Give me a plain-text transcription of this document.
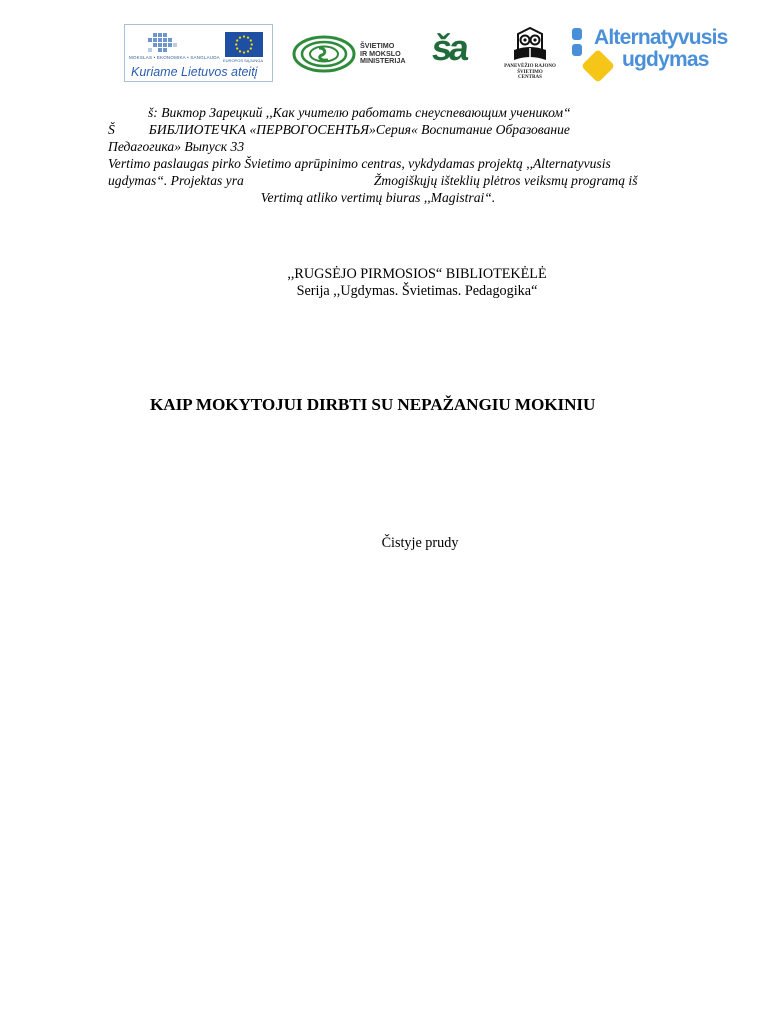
MOKSLAS • EKONOMIKA • SANGLAUDA
EUROPOS SĄJUNGA
Kuriame Lietuvos ateitį
ŠVIETIMO
IR MOKSLO
MINISTERIJA ša	PANEVĖŽIO RAJONO
ŠVIETIMO
CENTRAS
Alternatyvusis
ugdymas
š: Виктор Зарецкий ,,Как учителю работать снеуспевающим учеником“
Š	БИБЛИОТЕЧКА «ПЕРВОГОСЕНТЬЯ»Серия« Воспитание Образование
Педагогика» Выпуск 33
Vertimo paslaugas pirko Švietimo aprūpinimo centras, vykdydamas projektą ,,Alternatyvusis
ugdymas“. Projektas yra	Žmogiškųjų išteklių plėtros veiksmų programą iš
Vertimą atliko vertimų biuras ,,Magistrai“.
,,RUGSĖJO PIRMOSIOS“ BIBLIOTEKĖLĖ
Serija ,,Ugdymas. Švietimas. Pedagogika“
KAIP MOKYTOJUI DIRBTI SU NEPAŽANGIU MOKINIU
Čistyje prudy
